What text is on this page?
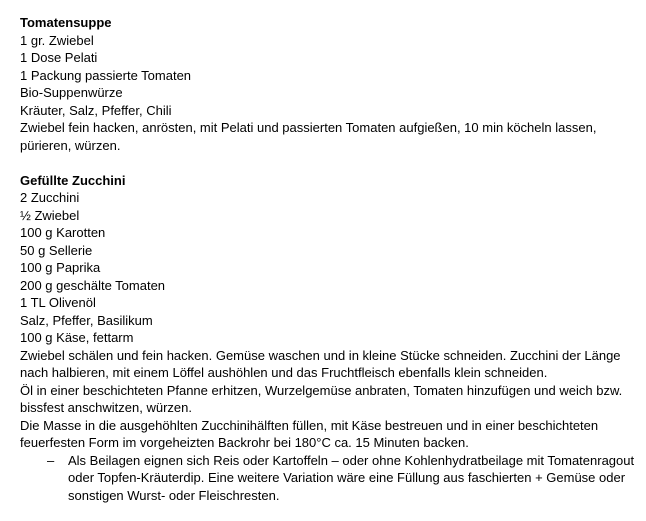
Tomatensuppe

1 gr. Zwiebel

1 Dose Pelati

1 Packung passierte Tomaten

Bio-Suppenwürze

Kräuter, Salz, Pfeffer, Chili

Zwiebel fein hacken, anrösten, mit Pelati und passierten Tomaten aufgießen, 10 min köcheln lassen, pürieren, würzen.

Gefüllte Zucchini

2 Zucchini

½ Zwiebel

100 g Karotten

50 g Sellerie

100 g Paprika

200 g geschälte Tomaten

1 TL Olivenöl

Salz, Pfeffer, Basilikum

100 g Käse, fettarm

Zwiebel schälen und fein hacken. Gemüse waschen und in kleine Stücke schneiden. Zucchini der Länge nach halbieren, mit einem Löffel aushöhlen und das Fruchtfleisch ebenfalls klein schneiden.

Öl in einer beschichteten Pfanne erhitzen, Wurzelgemüse anbraten, Tomaten hinzufügen und weich bzw. bissfest anschwitzen, würzen.

Die Masse in die ausgehöhlten Zucchinihälften füllen, mit Käse bestreuen und in einer beschichteten feuerfesten Form im vorgeheizten Backrohr bei 180°C ca. 15 Minuten backen.

– Als Beilagen eignen sich Reis oder Kartoffeln – oder ohne Kohlenhydratbeilage mit Tomatenragout oder Topfen-Kräuterdip. Eine weitere Variation wäre eine Füllung aus faschierten + Gemüse oder sonstigen Wurst- oder Fleischresten.
